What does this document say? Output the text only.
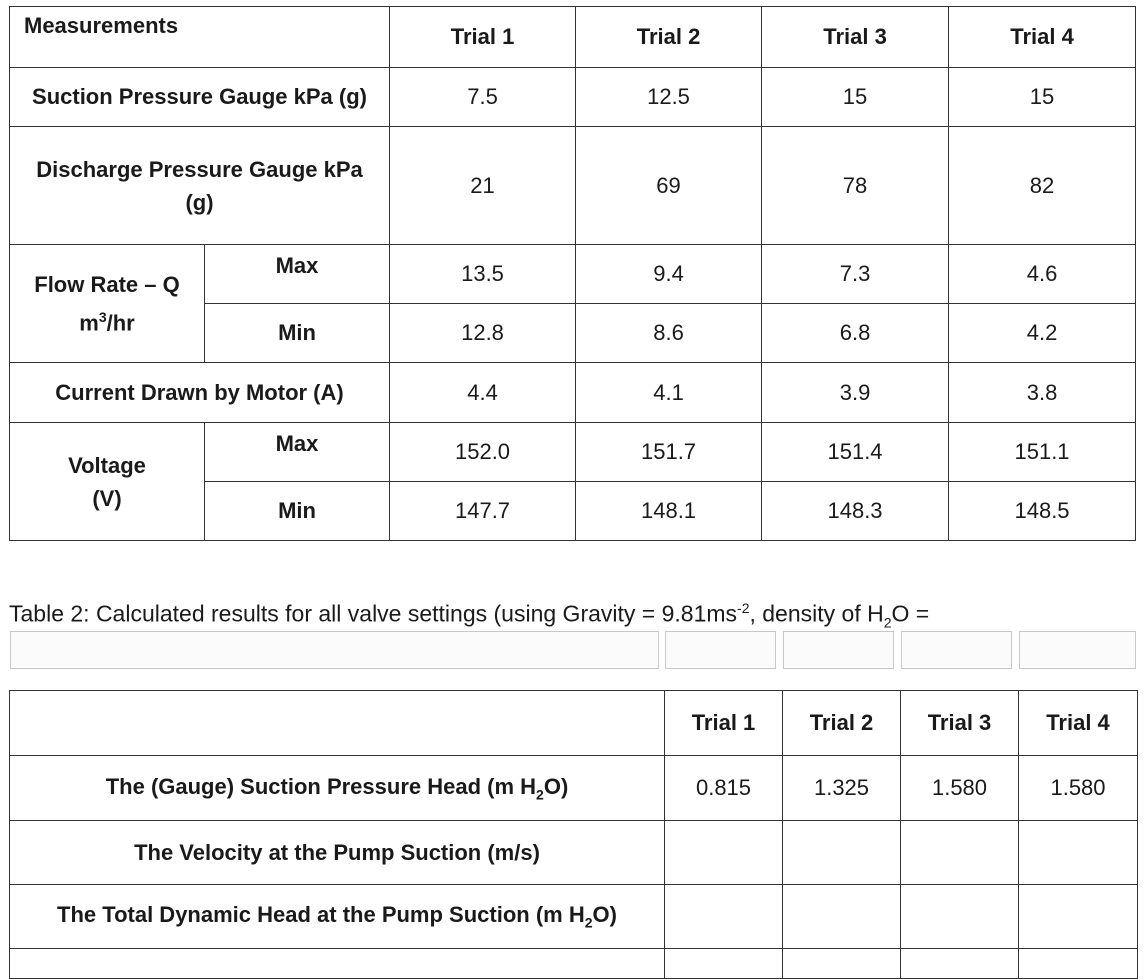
Measurements		Trial 1	Trial 2	Trial 3	Trial 4
Suction Pressure Gauge kPa (g)		7.5	12.5	15	15
Discharge Pressure Gauge kPa
(g)		21	69	78	82
Flow Rate – Q
$m^3/hr$	Max	13.5	9.4	7.3	4.6
	Min	12.8	8.6	6.8	4.2
Current Drawn by Motor (A)		4.4	4.1	3.9	3.8
Voltage
(V)	Max	152.0	151.7	151.4	151.1
	Min	147.7	148.1	148.3	148.5
Table 2: Calculated results for all valve settings (using Gravity = $9.81ms^{-2}$, density of $H_2O$ =
	Trial 1	Trial 2	Trial 3	Trial 4
The (Gauge) Suction Pressure Head (m $H_2O$)	0.815	1.325	1.580	1.580
The Velocity at the Pump Suction (m/s)				
The Total Dynamic Head at the Pump Suction (m $H_2O$)				
